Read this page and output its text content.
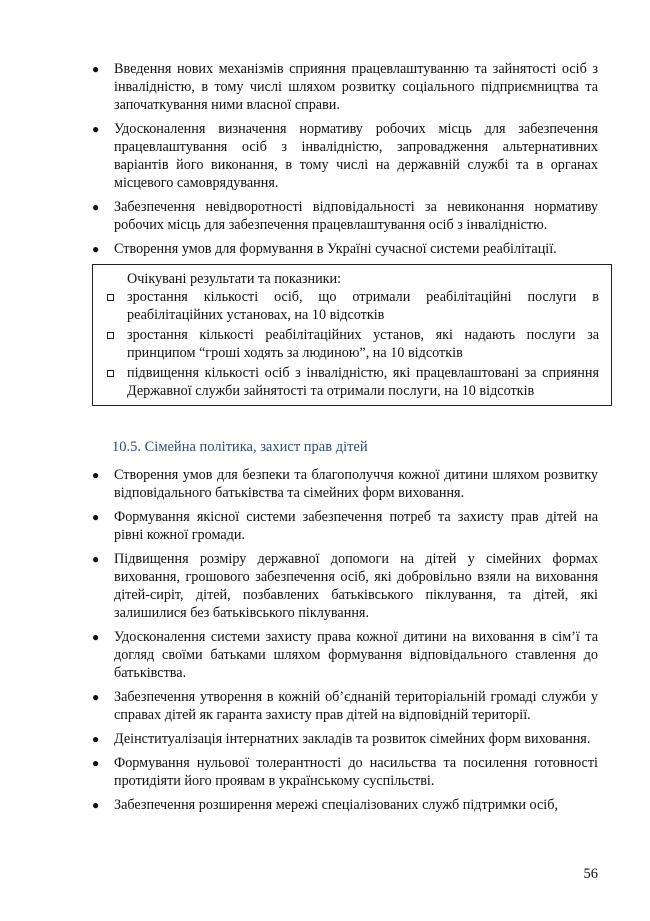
● Введення нових механізмів сприяння працевлаштуванню та зайнятості осіб з інвалідністю, в тому числі шляхом розвитку соціального підприємництва та започаткування ними власної справи.
● Удосконалення визначення нормативу робочих місць для забезпечення працевлаштування осіб з інвалідністю, запровадження альтернативних варіантів його виконання, в тому числі на державній службі та в органах місцевого самоврядування.
● Забезпечення невідворотності відповідальності за невиконання нормативу робочих місць для забезпечення працевлаштування осіб з інвалідністю.
● Створення умов для формування в Україні сучасної системи реабілітації.
Очікувані результати та показники:
зростання кількості осіб, що отримали реабілітаційні послуги в реабілітаційних установах, на 10 відсотків
зростання кількості реабілітаційних установ, які надають послуги за принципом “гроші ходять за людиною”, на 10 відсотків
підвищення кількості осіб з інвалідністю, які працевлаштовані за сприяння Державної служби зайнятості та отримали послуги, на 10 відсотків
10.5. Сімейна політика, захист прав дітей
● Створення умов для безпеки та благополуччя кожної дитини шляхом розвитку відповідального батьківства та сімейних форм виховання.
● Формування якісної системи забезпечення потреб та захисту прав дітей на рівні кожної громади.
● Підвищення розміру державної допомоги на дітей у сімейних формах виховання, грошового забезпечення осіб, які добровільно взяли на виховання дітей-сиріт, дітей, позбавлених батьківського піклування, та дітей, які залишилися без батьківського піклування.
● Удосконалення системи захисту права кожної дитини на виховання в сім’ї та догляд своїми батьками шляхом формування відповідального ставлення до батьківства.
● Забезпечення утворення в кожній об’єднаній територіальній громаді служби у справах дітей як гаранта захисту прав дітей на відповідній території.
● Деінституалізація інтернатних закладів та розвиток сімейних форм виховання.
● Формування нульової толерантності до насильства та посилення готовності протидіяти його проявам в українському суспільстві.
● Забезпечення розширення мережі спеціалізованих служб підтримки осіб,
56
